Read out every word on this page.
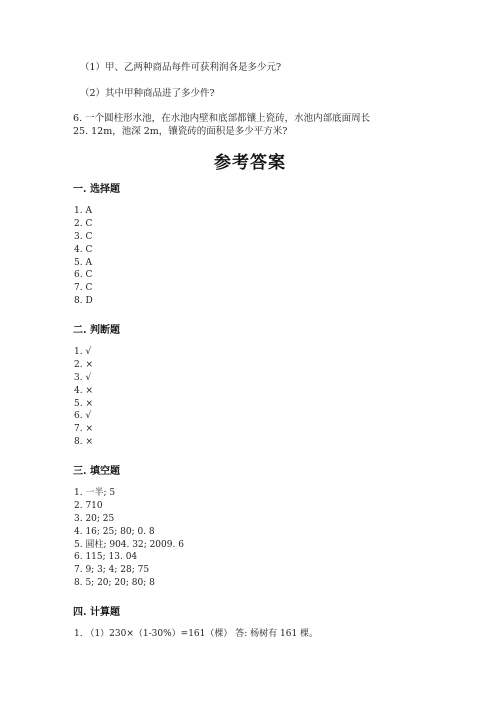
（1）甲、乙两种商品每件可获利润各是多少元?
（2）其中甲种商品进了多少件?
6. 一个圆柱形水池，在水池内壁和底部都镶上瓷砖，水池内部底面周长
25. 12m，池深 2m，镶瓷砖的面积是多少平方米?
参考答案
一. 选择题
1. A
2. C
3. C
4. C
5. A
6. C
7. C
8. D
二. 判断题
1. √
2. ×
3. √
4. ×
5. ×
6. √
7. ×
8. ×
三. 填空题
1. 一半; 5
2. 710
3. 20; 25
4. 16; 25; 80; 0. 8
5. 圆柱; 904. 32; 2009. 6
6. 115; 13. 04
7. 9; 3; 4; 28; 75
8. 5; 20; 20; 80; 8
四. 计算题
1. （1）230×（1-30%）=161（棵） 答: 杨树有 161 棵。
